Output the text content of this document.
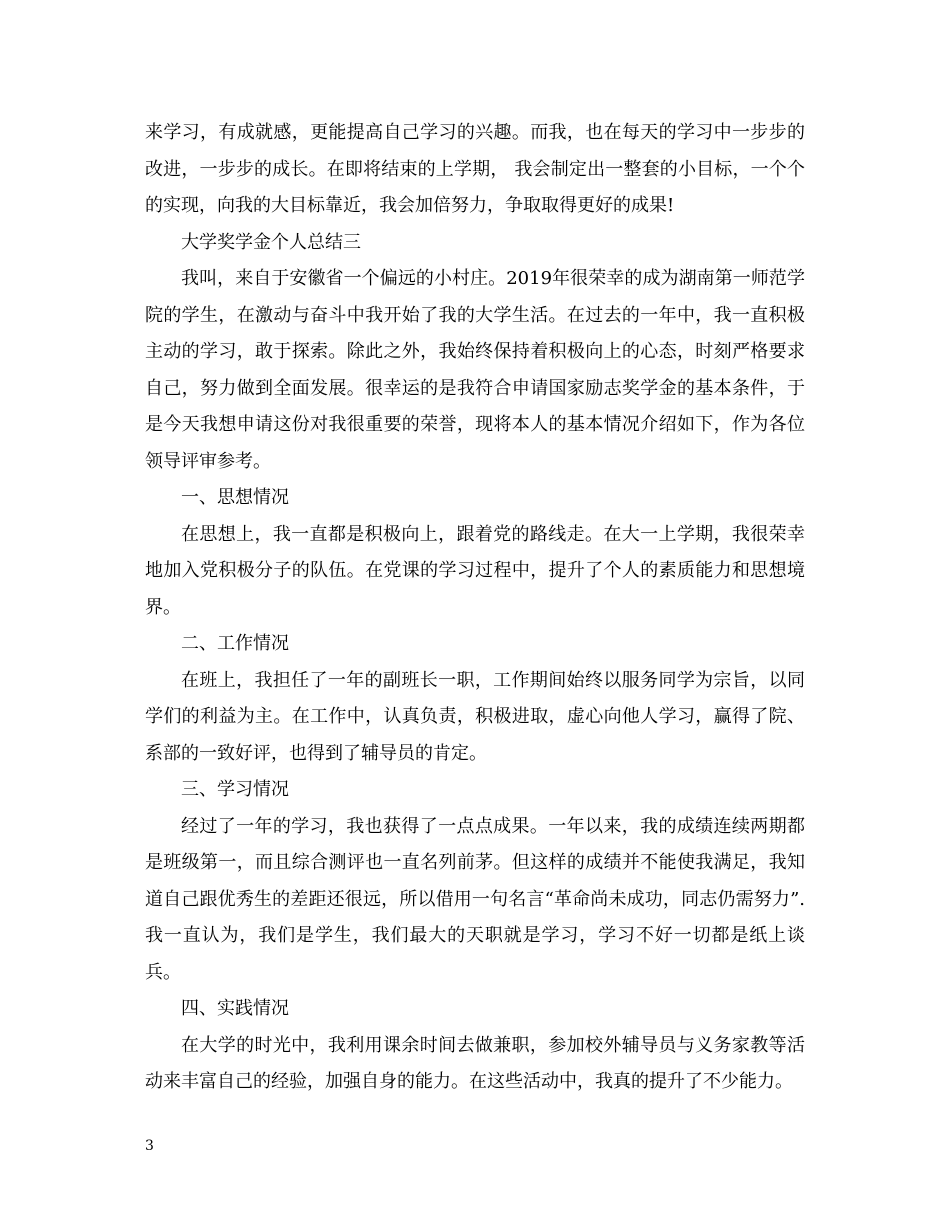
来学习，有成就感，更能提高自己学习的兴趣。而我，也在每天的学习中一步步的改进，一步步的成长。在即将结束的上学期， 我会制定出一整套的小目标，一个个的实现，向我的大目标靠近，我会加倍努力，争取取得更好的成果!

大学奖学金个人总结三

我叫，来自于安徽省一个偏远的小村庄。2019年很荣幸的成为湖南第一师范学院的学生，在激动与奋斗中我开始了我的大学生活。在过去的一年中，我一直积极主动的学习，敢于探索。除此之外，我始终保持着积极向上的心态，时刻严格要求自己，努力做到全面发展。很幸运的是我符合申请国家励志奖学金的基本条件，于是今天我想申请这份对我很重要的荣誉，现将本人的基本情况介绍如下，作为各位领导评审参考。

一、思想情况

在思想上，我一直都是积极向上，跟着党的路线走。在大一上学期，我很荣幸地加入党积极分子的队伍。在党课的学习过程中，提升了个人的素质能力和思想境界。

二、工作情况

在班上，我担任了一年的副班长一职，工作期间始终以服务同学为宗旨，以同学们的利益为主。在工作中，认真负责，积极进取，虚心向他人学习，赢得了院、系部的一致好评，也得到了辅导员的肯定。

三、学习情况

经过了一年的学习，我也获得了一点点成果。一年以来，我的成绩连续两期都是班级第一，而且综合测评也一直名列前茅。但这样的成绩并不能使我满足，我知道自己跟优秀生的差距还很远，所以借用一句名言“革命尚未成功，同志仍需努力”.我一直认为，我们是学生，我们最大的天职就是学习，学习不好一切都是纸上谈兵。

四、实践情况

在大学的时光中，我利用课余时间去做兼职，参加校外辅导员与义务家教等活动来丰富自己的经验，加强自身的能力。在这些活动中，我真的提升了不少能力。

3
